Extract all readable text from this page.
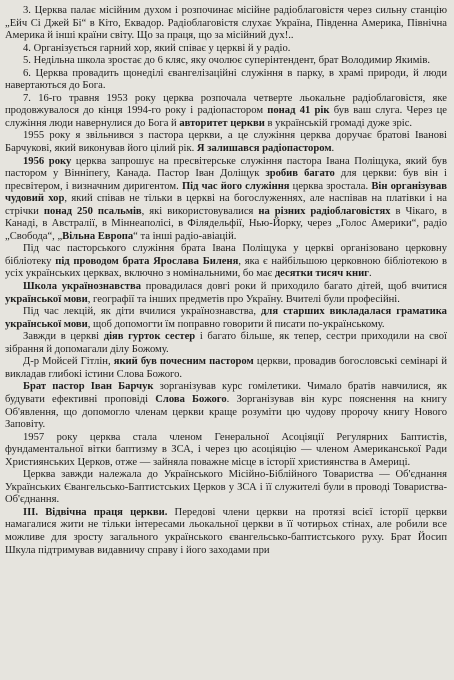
3. Церква палає місійним духом і розпочинає місійне радіоблаговістя через сильну станцію „Ейч Сі Джей Бі“ в Кіто, Еквадор. Радіоблаговістя слухає Україна, Південна Америка, Північна Америка й інші країни світу. Що за праця, що за місійний дух!..

4. Організується гарний хор, який співає у церкві й у радіо.

5. Недільна школа зростає до 6 кляс, яку очолює суперінтендент, брат Володимир Якимів.

6. Церква провадить щонеділі євангелізаційні служіння в парку, в храмі природи, й люди навертаються до Бога.

7. 16-го травня 1953 року церква розпочала четверте льокальне радіоблаговістя, яке продовжувалося до кінця 1994-го року і радіопастором понад 41 рік був ваш слуга. Через це служіння люди навернулися до Бога й авторитет церкви в українській громаді дуже зріс.

1955 року я звільнився з пастора церкви, а це служіння церква доручає братові Іванові Барчукові, який виконував його цілий рік. Я залишався радіопастором.

1956 року церква запрошує на пресвітерське служіння пастора Івана Поліщука, який був пастором у Вінніпегу, Канада. Пастор Іван Доліщук зробив багато для церкви: був він і пресвітером, і визначним диригентом. Під час його служіння церква зростала. Він організував чудовий хор, який співав не тільки в церкві на богослуженнях, але наспівав на платівки і на стрічки понад 250 псальмів, які використовувалися на різних радіоблаговістях в Чікаго, в Канаді, в Австралії, в Міннеаполісі, в Філядельфії, Нью-Йорку, через „Голос Америки“, радіо „Свобода“, „Вільна Европа“ та інші радіо-авіацій.

Під час пасторського служіння брата Івана Поліщука у церкві організовано церковну бібліотеку під проводом брата Ярослава Биленя, яка є найбільшою церковною бібліотекою в усіх українських церквах, включно з номінальними, бо має десятки тисяч книг.

Школа українознавства провадилася довгі роки й приходило багато дітей, щоб вчитися української мови, географії та інших предметів про Україну. Вчителі були професійні.

Під час лекцій, як діти вчилися українознавства, для старших викладалася граматика української мови, щоб допомогти їм поправно говорити й писати по-українському.

Завжди в церкві діяв гурток сестер і багато більше, як тепер, сестри приходили на свої зібрання й допомагали ділу Божому.

Д-р Мойсей Гітлін, який був почесним пастором церкви, провадив богословські семінарі й викладав глибокі істини Слова Божого.

Брат пастор Іван Барчук зорганізував курс гомілетики. Чимало братів навчилися, як будувати ефективні проповіді Слова Божого. Зорганізував він курс пояснення на книгу Об'явлення, що допомогло членам церкви краще розуміти цю чудову пророчу книгу Нового Заповіту.

1957 року церква стала членом Генеральної Асоціяції Регулярних Баптистів, фундаментальної вітки баптизму в ЗСА, і через цю асоціяцію — членом Американської Ради Християнських Церков, отже — зайняла поважне місце в історії християнства в Америці.

Церква завжди належала до Українського Місійно-Біблійного Товариства — Об'єднання Українських Євангельсько-Баптистських Церков у ЗСА і її служителі були в проводі Товариства-Об'єднання.

ІІІ. Відвічна праця церкви. Передові члени церкви на протязі всієї історії церкви намагалися жити не тільки інтересами льокальної церкви в її чотирьох стінах, але робили все можливе для зросту загального українського євангельсько-баптистського руху. Брат Йосип Шкула підтримував видавничу справу і його заходами при
